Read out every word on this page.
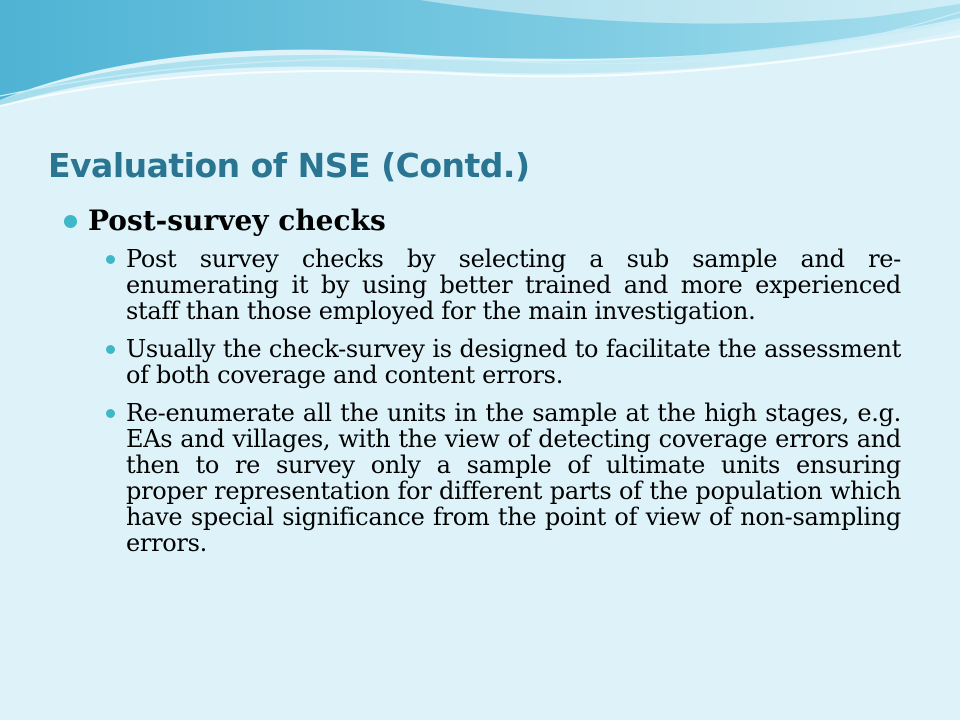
Evaluation of NSE (Contd.)
Post-survey checks
Post survey checks by selecting a sub sample and re-enumerating it by using better trained and more experienced staff than those employed for the main investigation.
Usually the check-survey is designed to facilitate the assessment of both coverage and content errors.
Re-enumerate all the units in the sample at the high stages, e.g. EAs and villages, with the view of detecting coverage errors and then to re survey only a sample of ultimate units ensuring proper representation for different parts of the population which have special significance from the point of view of non-sampling errors.
